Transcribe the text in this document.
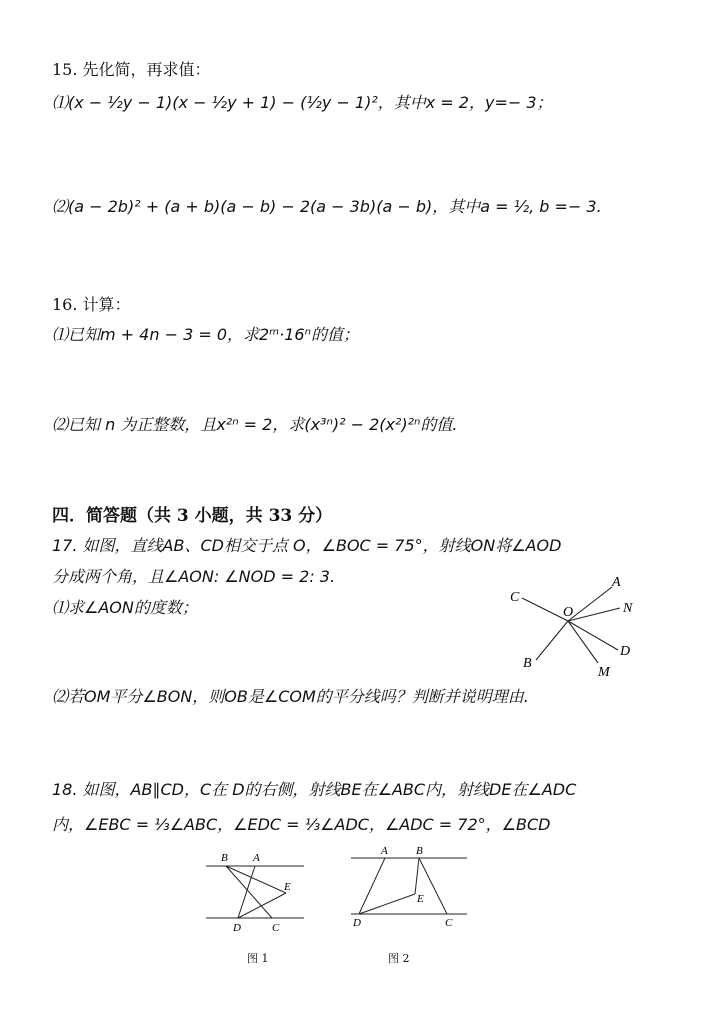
15. 先化简，再求值：
⑴(x − ½y − 1)(x − ½y + 1) − (½y − 1)²，其中x = 2，y=− 3；
⑵(a − 2b)² + (a + b)(a − b) − 2(a − 3b)(a − b)，其中a = ½, b =− 3.
16. 计算：
⑴已知m + 4n − 3 = 0，求2ᵐ·16ⁿ的值；
⑵已知 n 为正整数，且x²ⁿ = 2，求(x³ⁿ)² − 2(x²)²ⁿ的值.
四．简答题（共 3 小题，共 33 分）
17. 如图，直线AB、CD相交于点 O，∠BOC = 75°，射线ON将∠AOD
分成两个角，且∠AON: ∠NOD = 2: 3.
⑴求∠AON的度数；
⑵若OM平分∠BON，则OB是∠COM的平分线吗？判断并说明理由.
A
N
C
O
D
B
M
18. 如图，AB∥CD，C在 D的右侧，射线BE在∠ABC内，射线DE在∠ADC
内，∠EBC = ⅓∠ABC，∠EDC = ⅓∠ADC，∠ADC = 72°，∠BCD
B A
E
D	C
图 1
A	B
E
D	C
图 2
